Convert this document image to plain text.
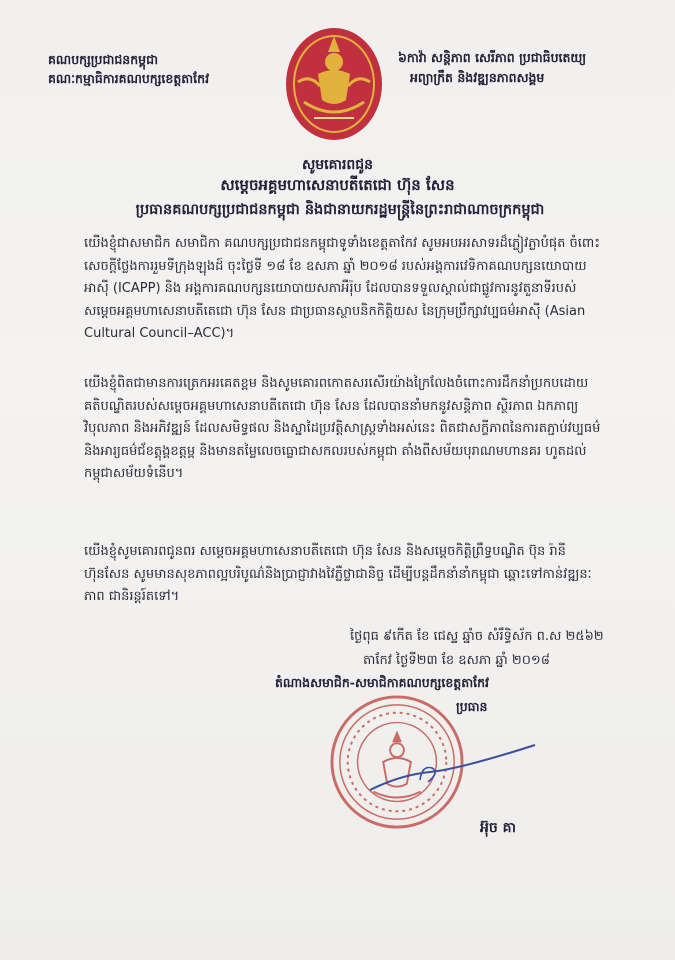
គណបក្សប្រជាជនកម្ពុជា
គណៈកម្មាធិការគណបក្សខេត្តតាកែវ
៦កាវ៉ា សន្តិភាព សេរីភាព ប្រជាធិបតេយ្យ
អព្យាក្រឹត និងវឌ្ឍនភាពសង្គម
សូមគោរពជូន
សម្ដេចអគ្គមហាសេនាបតីតេជោ ហ៊ុន សែន
ប្រធានគណបក្សប្រជាជនកម្ពុជា និងជានាយករដ្ឋមន្ត្រីនៃព្រះរាជាណាចក្រកម្ពុជា
យើងខ្ញុំជាសមាជិក សមាជិកា គណបក្សប្រជាជនកម្ពុជាទូទាំងខេត្តតាកែវ សូមអបអរសាទរដ៏ភ្លៀវភ្លាបំផុត ចំពោះសេចក្ដីថ្លែងការរួមទីក្រុងឡុងដ៍ ចុះថ្ងៃទី ១៨ ខែ ឧសភា ឆ្នាំ ២០១៨ របស់អង្គការវេទិកាគណបក្សនយោបាយអាស៊ី (ICAPP) និង អង្គការគណបក្សនយោបាយសភាអឺរ៉ុប ដែលបានទទួលស្គាល់ជាផ្លូវការនូវតួនាទីរបស់សម្ដេចអគ្គមហាសេនាបតីតេជោ ហ៊ុន សែន ជាប្រធានស្ថាបនិកកិត្តិយស នៃក្រុមប្រឹក្សាវប្បធម៌អាស៊ី (Asian Cultural Council–ACC)។
យើងខ្ញុំពិតជាមានការត្រេកអរគេតខ្ពម និងសូមគោរពកោតសរសើរយ៉ាងក្រៃលែងចំពោះការដឹកនាំប្រកបដោយគតិបណ្ឌិតរបស់សម្ដេចអគ្គមហាសេនាបតីតេជោ ហ៊ុន សែន ដែលបាននាំមកនូវសន្តិភាព ស្ថិរភាព ឯកភាព្យ វិបុលភាព និងអភិវឌ្ឍន៍ ដែលសមិទ្ធផល និងស្នាដៃប្រវត្តិសាស្ត្រទាំងអស់នេះ ពិតជាសក្ខីភាពនៃការតភ្ជាប់វប្បធម៌ និងអារ្យធម៌ជ័ខត្តុង្គខត្តម្ព និងមានតម្លៃលេចធ្លោជាសកលរបស់កម្ពុជា តាំងពីសម័យបុរាណមហានគរ ហូតដល់កម្ពុជាសម័យទំនើប។
យើងខ្ញុំសូមគោរពជូនពរ សម្ដេចអគ្គមហាសេនាបតីតេជោ ហ៊ុន សែន និងសម្ដេចកិត្តិព្រឹទ្ធបណ្ឌិត ប៊ុន រ៉ានីហ៊ុនសែន សូមមានសុខភាពល្អបរិបូណ៌និងប្រាជ្ញាវាងវៃភ្លឺថ្លាជានិច្ច ដើម្បីបន្តដឹកនាំនាំកម្ពុជា ឆ្ពោះទៅកាន់វឌ្ឍនៈភាព ជានិរន្តរ៍តទៅ។
ថ្ងៃពុធ ៩កើត ខែ ជេស្ឋ ឆ្នាំច សំរឹទ្ធិស័ក ព.ស ២៥៦២
តាកែវ ថ្ងៃទី២៣ ខែ ឧសភា ឆ្នាំ ២០១៨
តំណាងសមាជិក-សមាជិកាគណបក្សខេត្តតាកែវ
ប្រធាន
អ៊ុច គា
